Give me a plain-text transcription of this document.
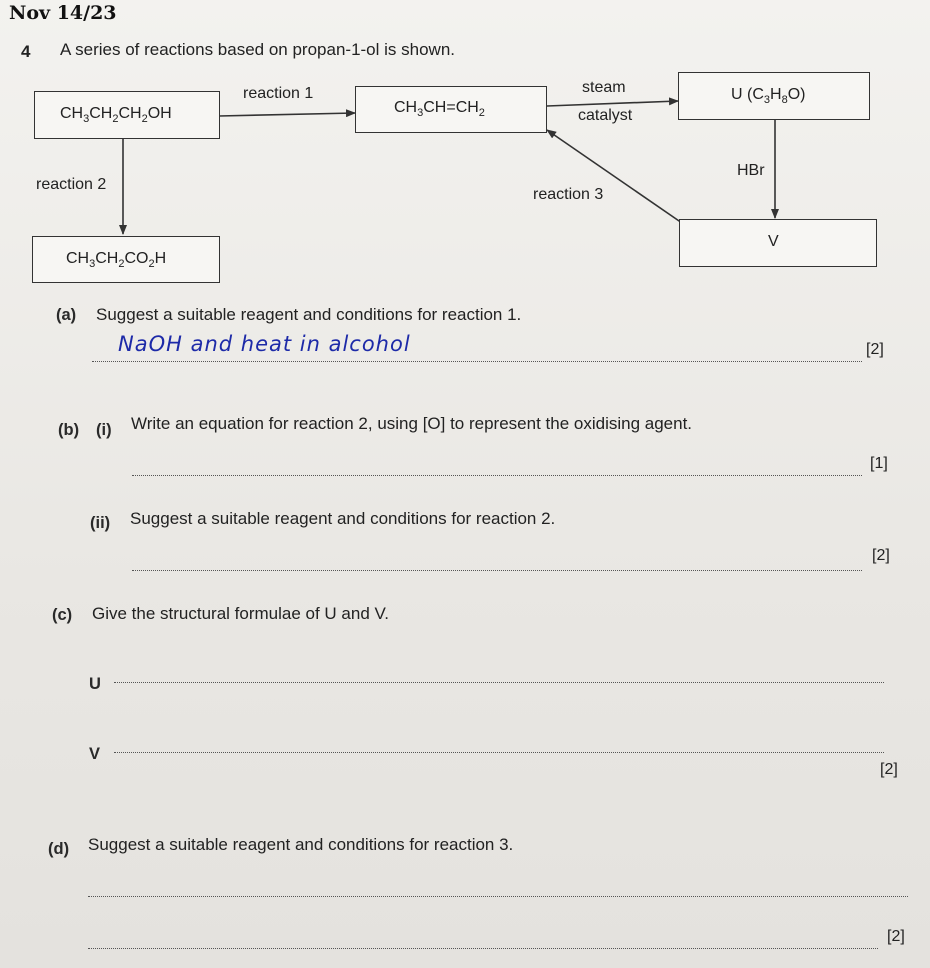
Nov 14/23
4 A series of reactions based on propan-1-ol is shown.
$CH_3CH_2CH_2OH$	$CH_3CH=CH_2$
U $(C_3H_8O)$
$CH_3CH_2CO_2H$
V
reaction 1	steam
catalyst
reaction 2
reaction 3
HBr
(a) Suggest a suitable reagent and conditions for reaction 1.
NaOH and heat in alcohol	[2]
(b) (i) Write an equation for reaction 2, using [O] to represent the oxidising agent.
[1]
(ii) Suggest a suitable reagent and conditions for reaction 2.
[2]
(c) Give the structural formulae of U and V.
U
V
[2]
(d) Suggest a suitable reagent and conditions for reaction 3.
[2]
